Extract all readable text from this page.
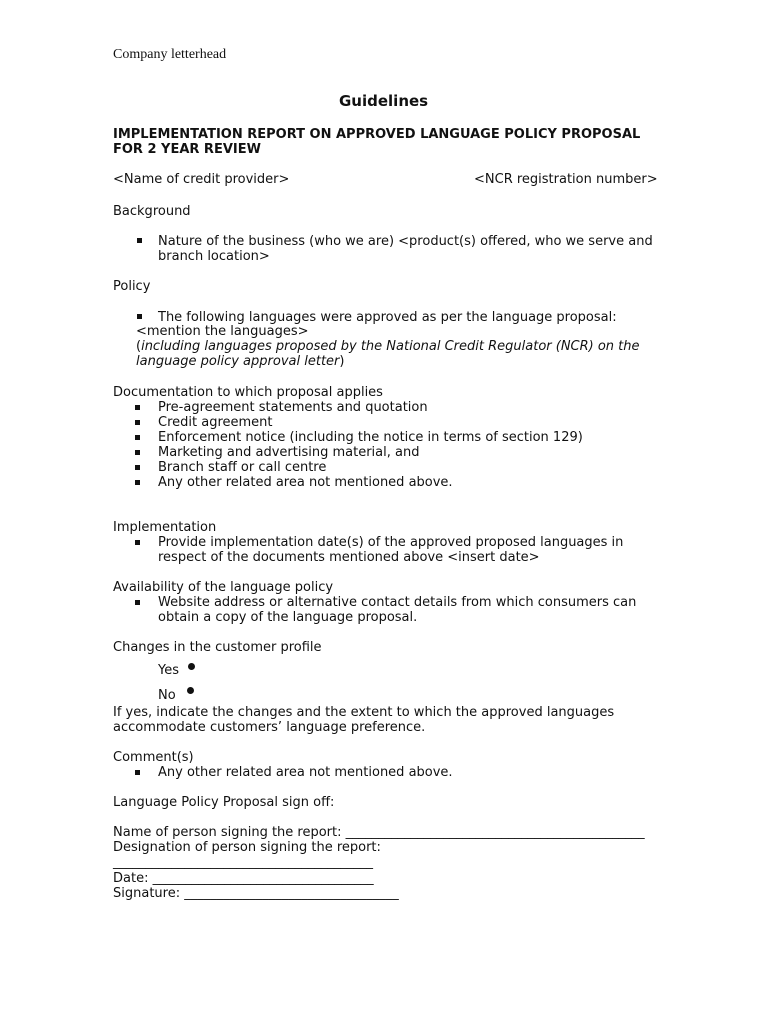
Company letterhead
Guidelines
IMPLEMENTATION REPORT ON APPROVED LANGUAGE POLICY PROPOSAL
FOR 2 YEAR REVIEW
<Name of credit provider>	<NCR registration number>
Background
Nature of the business (who we are) <product(s) offered, who we serve and
branch location>
Policy
The following languages were approved as per the language proposal:
<mention the languages>
(including languages proposed by the National Credit Regulator (NCR) on the
language policy approval letter)
Documentation to which proposal applies
Pre-agreement statements and quotation
Credit agreement
Enforcement notice (including the notice in terms of section 129)
Marketing and advertising material, and
Branch staff or call centre
Any other related area not mentioned above.
Implementation
Provide implementation date(s) of the approved proposed languages in
respect of the documents mentioned above <insert date>
Availability of the language policy
Website address or alternative contact details from which consumers can
obtain a copy of the language proposal.
Changes in the customer profile
Yes
No
If yes, indicate the changes and the extent to which the approved languages
accommodate customers’ language preference.
Comment(s)
Any other related area not mentioned above.
Language Policy Proposal sign off:
Name of person signing the report: ______________________________________________
Designation of person signing the report:
________________________________________
Date: __________________________________
Signature: _________________________________
